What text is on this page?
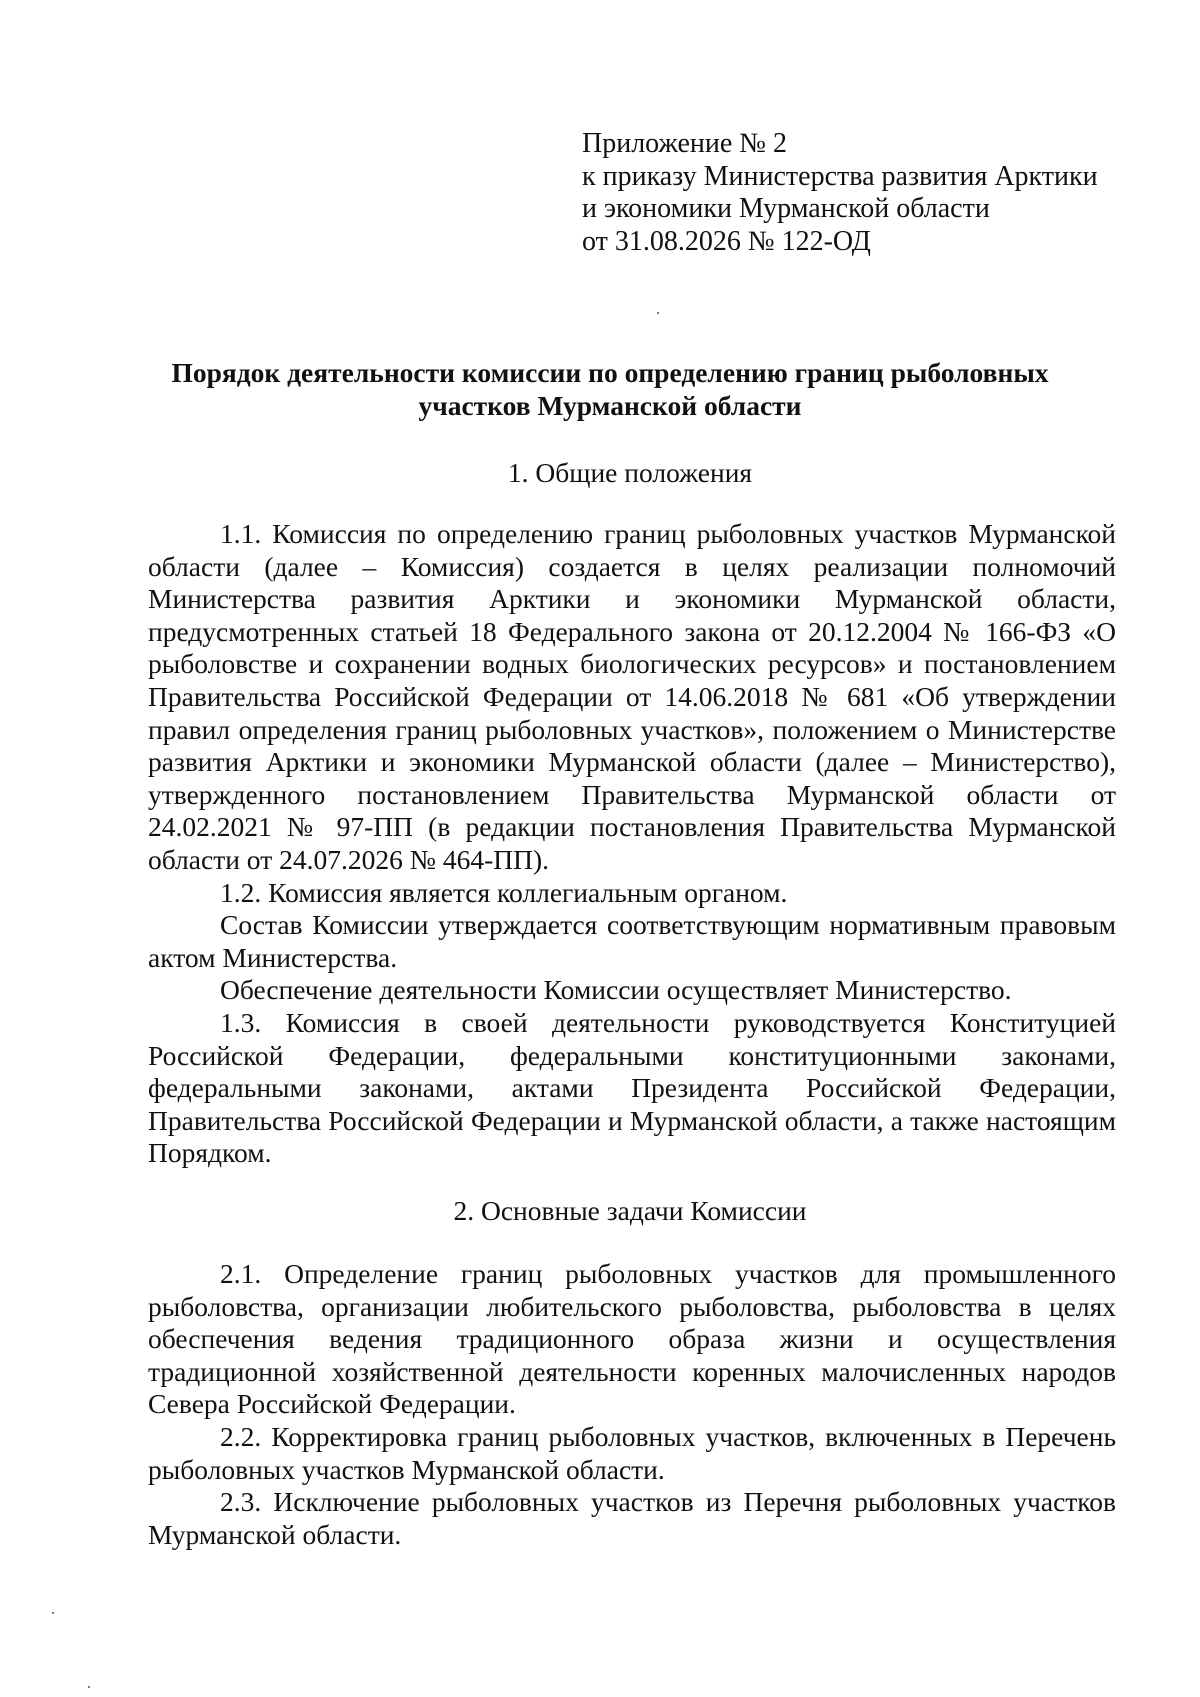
Приложение № 2
к приказу Министерства развития Арктики
и экономики Мурманской области
от 31.08.2026 № 122-ОД
Порядок деятельности комиссии по определению границ рыболовных
участков Мурманской области
1. Общие положения

1.1. Комиссия по определению границ рыболовных участков Мурманской области (далее – Комиссия) создается в целях реализации полномочий Министерства развития Арктики и экономики Мурманской области, предусмотренных статьей 18 Федерального закона от 20.12.2004 № 166-ФЗ «О рыболовстве и сохранении водных биологических ресурсов» и постановлением Правительства Российской Федерации от 14.06.2018 № 681 «Об утверждении правил определения границ рыболовных участков», положением о Министерстве развития Арктики и экономики Мурманской области (далее – Министерство), утвержденного постановлением Правительства Мурманской области от 24.02.2021 № 97-ПП (в редакции постановления Правительства Мурманской области от 24.07.2026 № 464-ПП).

1.2. Комиссия является коллегиальным органом.

Состав Комиссии утверждается соответствующим нормативным правовым актом Министерства.

Обеспечение деятельности Комиссии осуществляет Министерство.

1.3. Комиссия в своей деятельности руководствуется Конституцией Российской Федерации, федеральными конституционными законами, федеральными законами, актами Президента Российской Федерации, Правительства Российской Федерации и Мурманской области, а также настоящим Порядком.

2. Основные задачи Комиссии

2.1. Определение границ рыболовных участков для промышленного рыболовства, организации любительского рыболовства, рыболовства в целях обеспечения ведения традиционного образа жизни и осуществления традиционной хозяйственной деятельности коренных малочисленных народов Севера Российской Федерации.

2.2. Корректировка границ рыболовных участков, включенных в Перечень рыболовных участков Мурманской области.

2.3. Исключение рыболовных участков из Перечня рыболовных участков Мурманской области.
